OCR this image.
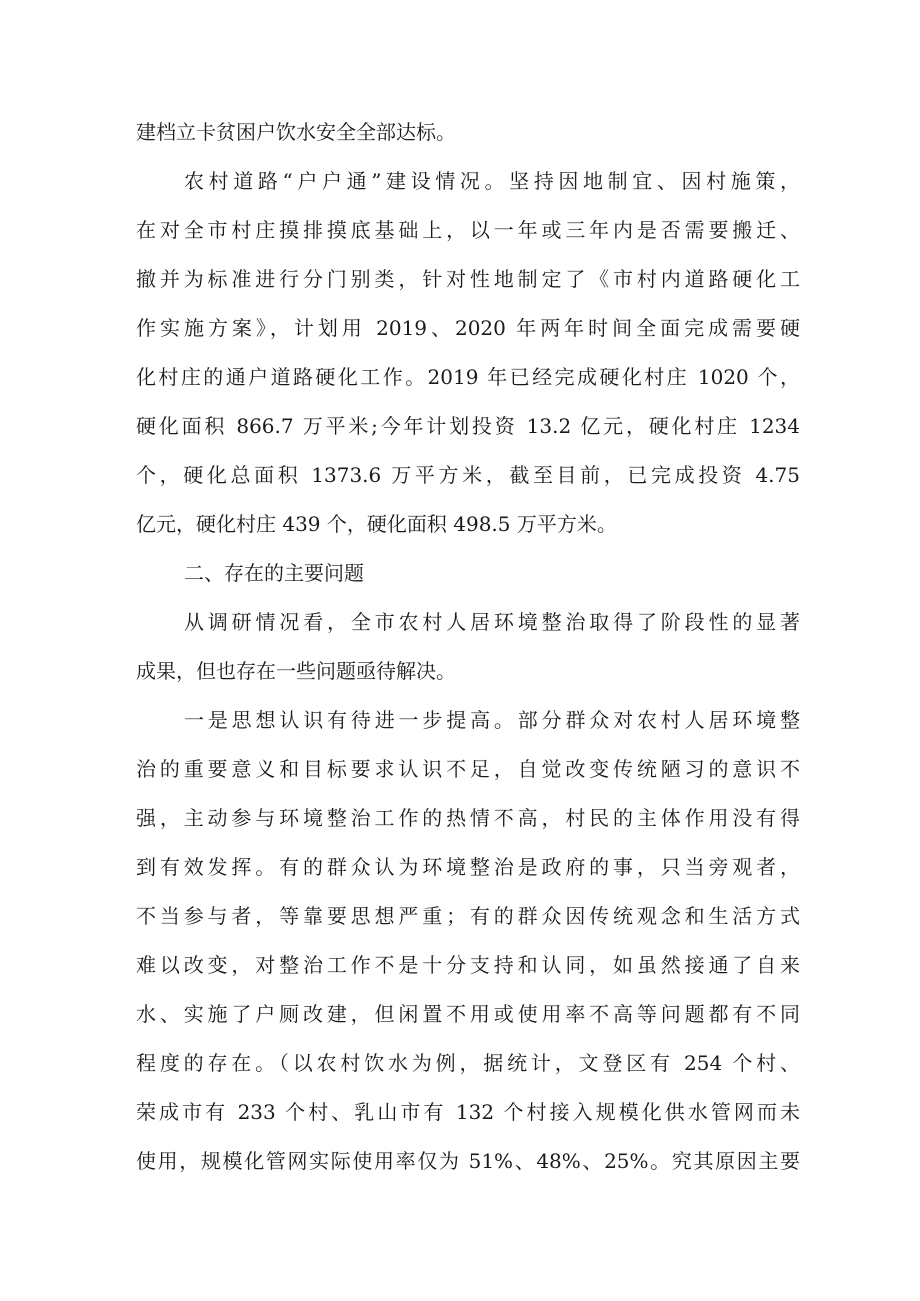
建档立卡贫困户饮水安全全部达标。
农村道路“户户通”建设情况。坚持因地制宜、因村施策，
在对全市村庄摸排摸底基础上，以一年或三年内是否需要搬迁、
撤并为标准进行分门别类，针对性地制定了《市村内道路硬化工
作实施方案》，计划用 2019、2020 年两年时间全面完成需要硬
化村庄的通户道路硬化工作。2019 年已经完成硬化村庄 1020 个，
硬化面积 866.7 万平米;今年计划投资 13.2 亿元，硬化村庄 1234
个，硬化总面积 1373.6 万平方米，截至目前，已完成投资 4.75
亿元，硬化村庄 439 个，硬化面积 498.5 万平方米。
二、存在的主要问题
从调研情况看，全市农村人居环境整治取得了阶段性的显著
成果，但也存在一些问题亟待解决。
一是思想认识有待进一步提高。部分群众对农村人居环境整
治的重要意义和目标要求认识不足，自觉改变传统陋习的意识不
强，主动参与环境整治工作的热情不高，村民的主体作用没有得
到有效发挥。有的群众认为环境整治是政府的事，只当旁观者，
不当参与者，等靠要思想严重；有的群众因传统观念和生活方式
难以改变，对整治工作不是十分支持和认同，如虽然接通了自来
水、实施了户厕改建，但闲置不用或使用率不高等问题都有不同
程度的存在。（以农村饮水为例，据统计，文登区有 254 个村、
荣成市有 233 个村、乳山市有 132 个村接入规模化供水管网而未
使用，规模化管网实际使用率仅为 51%、48%、25%。究其原因主要
